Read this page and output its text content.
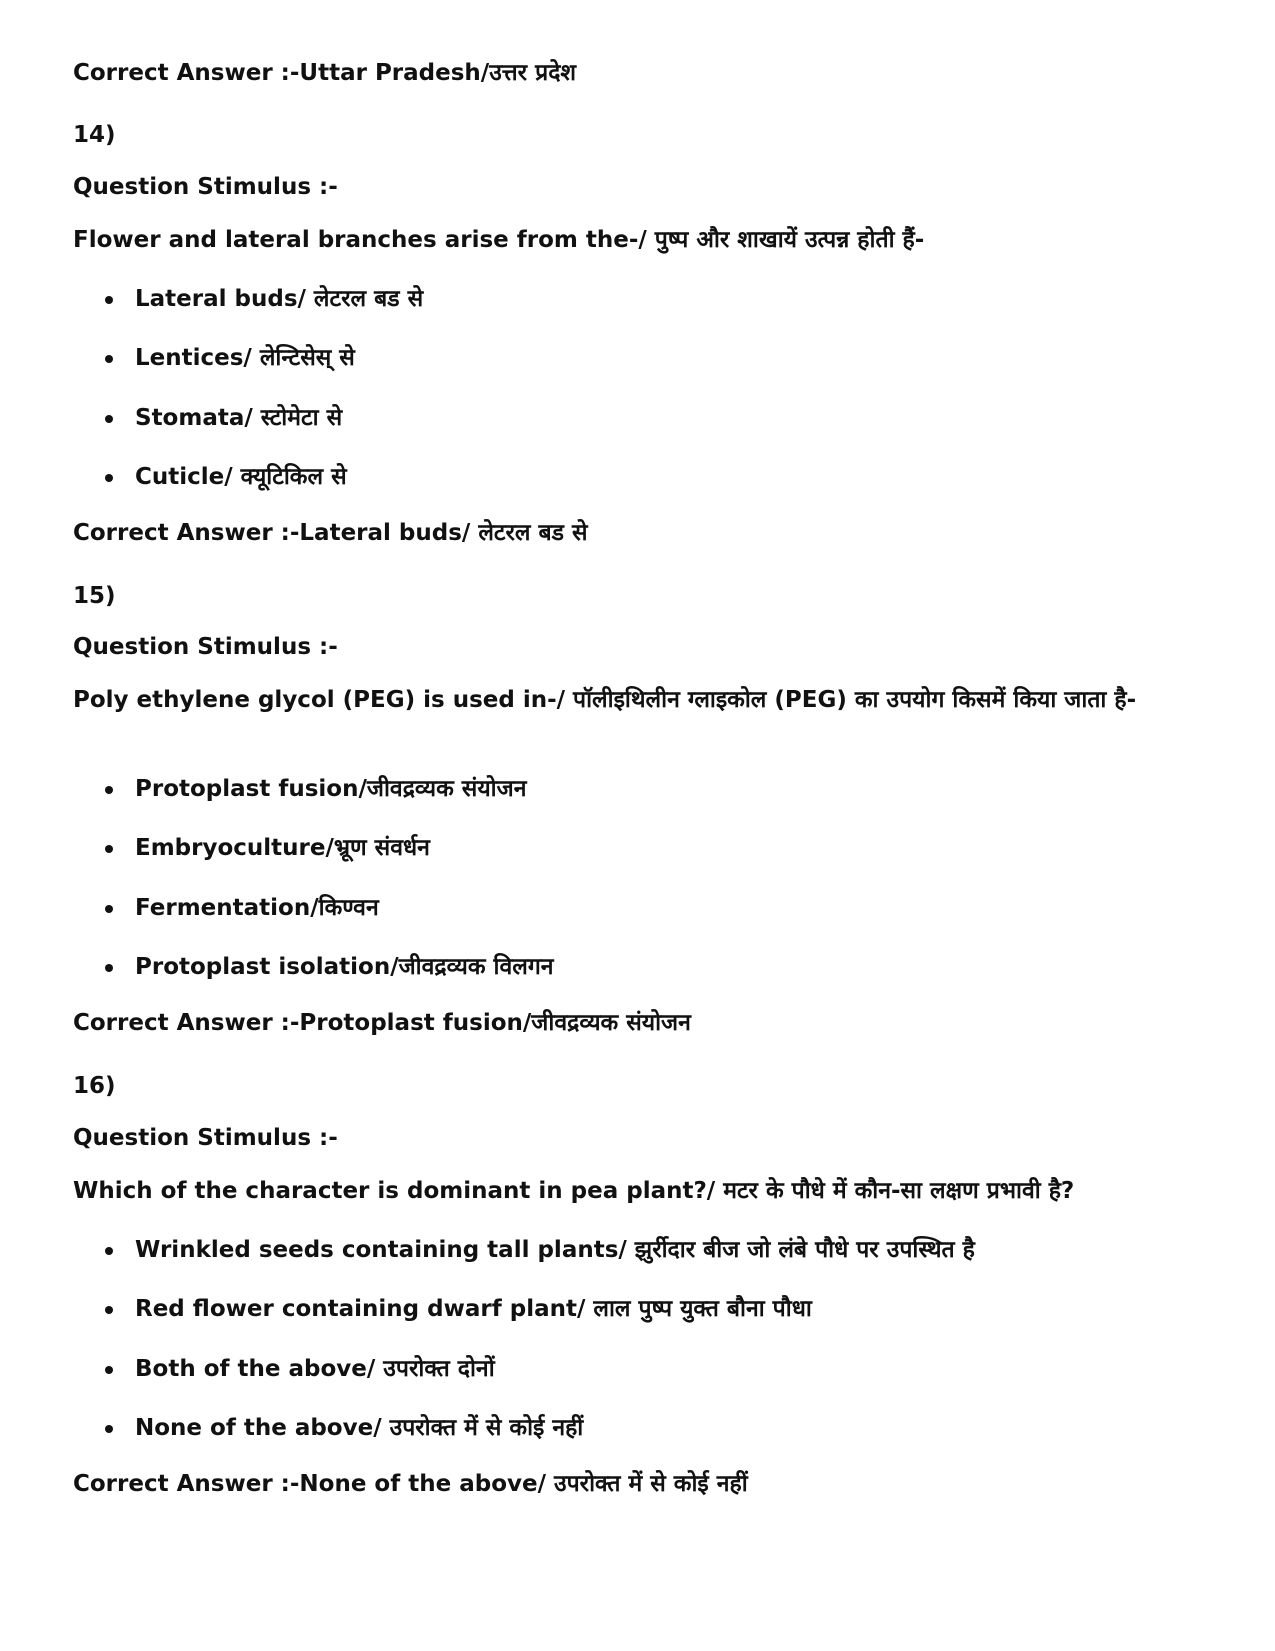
Correct Answer :-Uttar Pradesh/उत्तर प्रदेश
14)
Question Stimulus :-
Flower and lateral branches arise from the-/ पुष्प और शाखायें उत्पन्न होती हैं-
Lateral buds/ लेटरल बड से
Lentices/ लेन्टिसेस् से
Stomata/ स्टोमेटा से
Cuticle/ क्यूटिकिल से
Correct Answer :-Lateral buds/ लेटरल बड से
15)
Question Stimulus :-
Poly ethylene glycol (PEG) is used in-/ पॉलीइथिलीन ग्लाइकोल (PEG) का उपयोग किसमें किया जाता है-
Protoplast fusion/जीवद्रव्यक संयोजन
Embryoculture/भ्रूण संवर्धन
Fermentation/किण्वन
Protoplast isolation/जीवद्रव्यक विलगन
Correct Answer :-Protoplast fusion/जीवद्रव्यक संयोजन
16)
Question Stimulus :-
Which of the character is dominant in pea plant?/ मटर के पौधे में कौन-सा लक्षण प्रभावी है?
Wrinkled seeds containing tall plants/ झुर्रीदार बीज जो लंबे पौधे पर उपस्थित है
Red flower containing dwarf plant/ लाल पुष्प युक्त बौना पौधा
Both of the above/ उपरोक्त दोनों
None of the above/ उपरोक्त में से कोई नहीं
Correct Answer :-None of the above/ उपरोक्त में से कोई नहीं
